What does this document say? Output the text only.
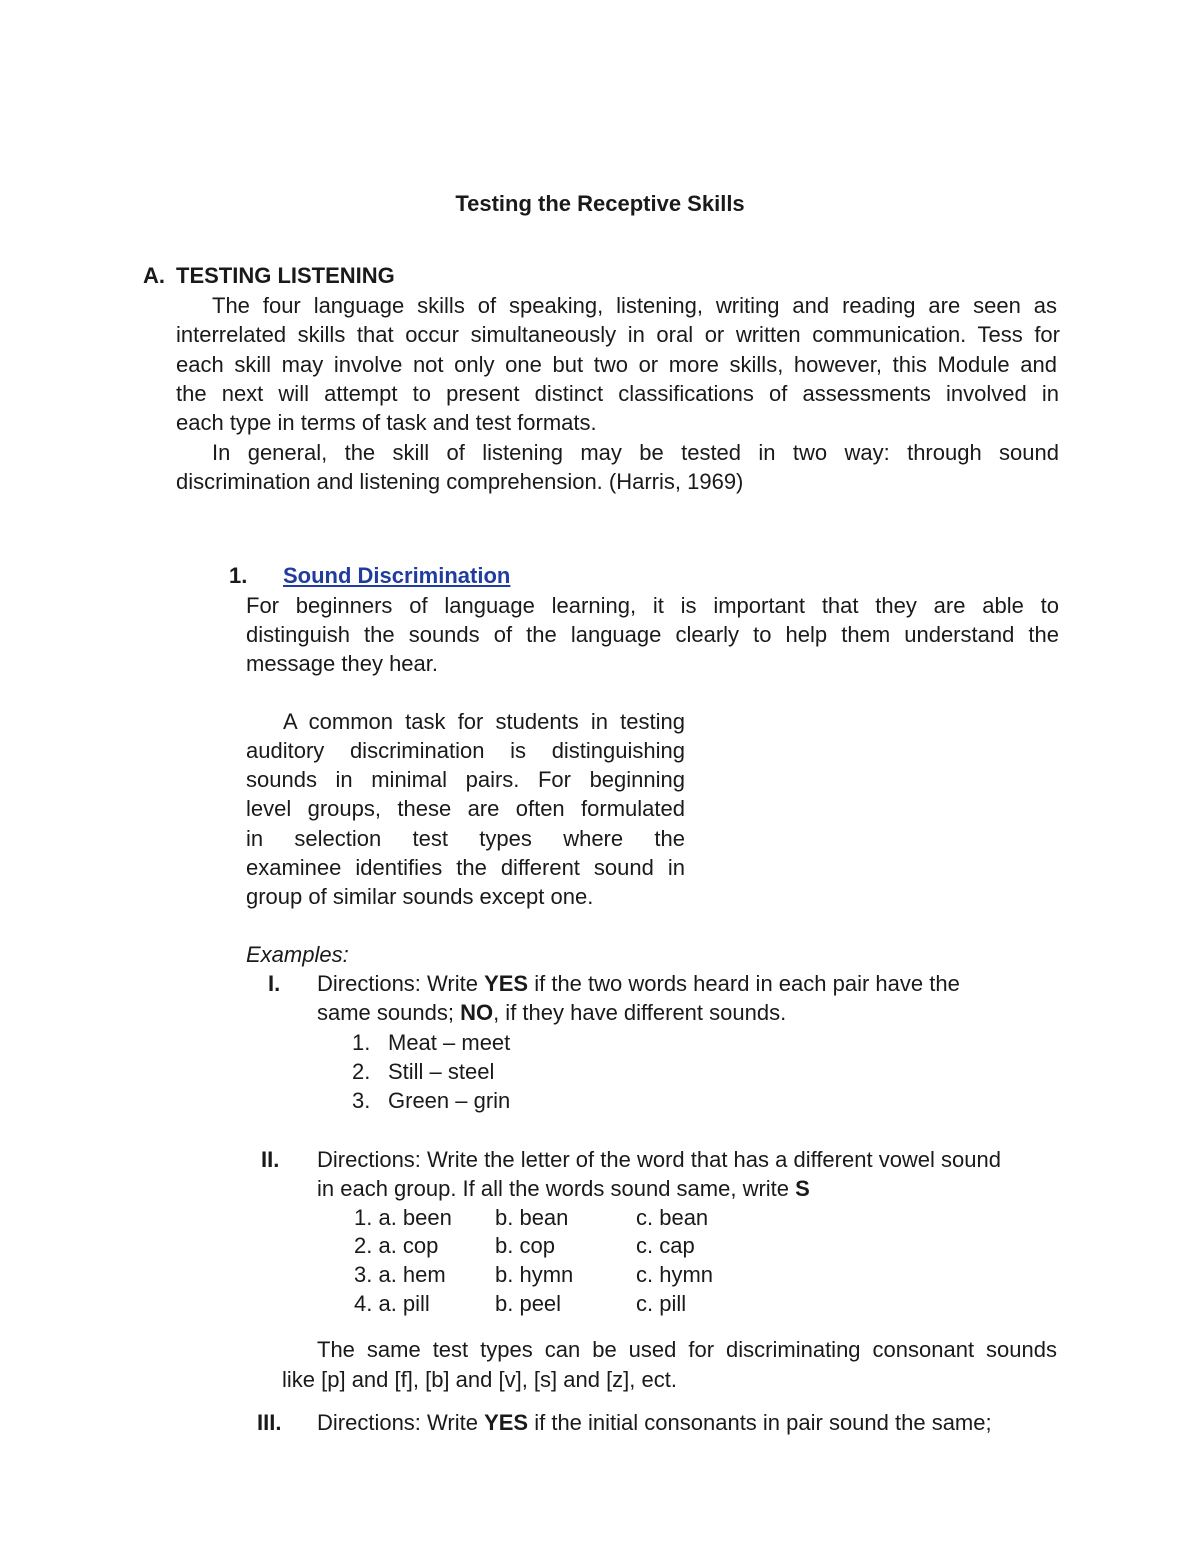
Testing the Receptive Skills
A. TESTING LISTENING
The four language skills of speaking, listening, writing and reading are seen as
interrelated skills that occur simultaneously in oral or written communication. Tess for
each skill may involve not only one but two or more skills, however, this Module and
the next will attempt to present distinct classifications of assessments involved in
each type in terms of task and test formats.
In general, the skill of listening may be tested in two way: through sound
discrimination and listening comprehension. (Harris, 1969)
1. Sound Discrimination
For beginners of language learning, it is important that they are able to
distinguish the sounds of the language clearly to help them understand the
message they hear.
A common task for students in testing
auditory discrimination is distinguishing
sounds in minimal pairs. For beginning
level groups, these are often formulated
in selection test types where the
examinee identifies the different sound in
group of similar sounds except one.
Examples:
I. Directions: Write YES if the two words heard in each pair have the
same sounds; NO, if they have different sounds.
1. Meat – meet
2. Still – steel
3. Green – grin
II. Directions: Write the letter of the word that has a different vowel sound
in each group. If all the words sound same, write S
1. a. been b. bean	c. bean
2. a. cop	b. cop	c. cap
3. a. hem b. hymn	c. hymn
4. a. pill	b. peel	c. pill
The same test types can be used for discriminating consonant sounds
like [p] and [f], [b] and [v], [s] and [z], ect.
III. Directions: Write YES if the initial consonants in pair sound the same;
